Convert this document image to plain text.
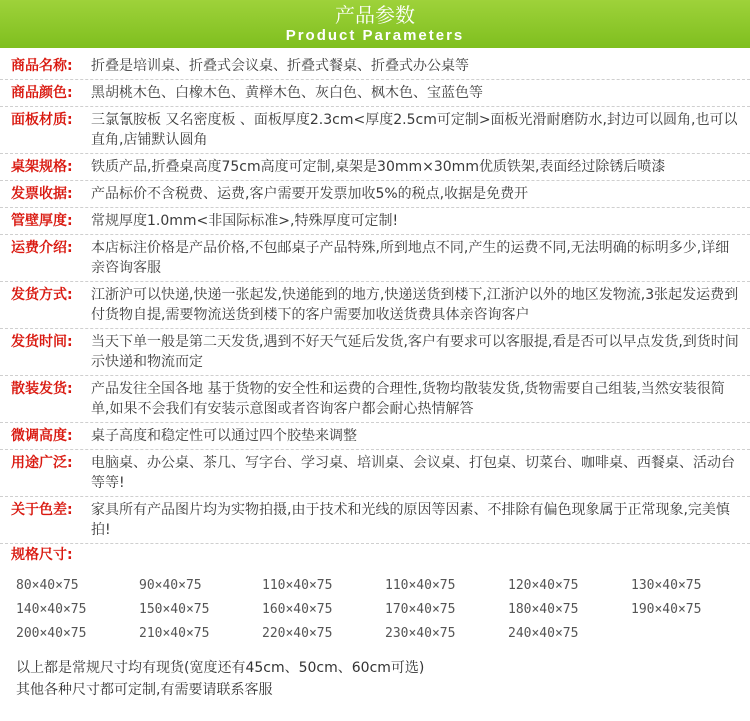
产品参数
Product Parameters
商品名称:	折叠是培训桌、折叠式会议桌、折叠式餐桌、折叠式办公桌等
商品颜色:	黑胡桃木色、白橡木色、黄榉木色、灰白色、枫木色、宝蓝色等
面板材质:	三氯氰胺板 又名密度板 、面板厚度2.3cm<厚度2.5cm可定制>面板光滑耐磨防水,封边可以圆角,也可以直角,店铺默认圆角
桌架规格:	铁质产品,折叠桌高度75cm高度可定制,桌架是30mm×30mm优质铁架,表面经过除锈后喷漆
发票收据:	产品标价不含税费、运费,客户需要开发票加收5%的税点,收据是免费开
管壁厚度:	常规厚度1.0mm<非国际标准>,特殊厚度可定制!
运费介绍:	本店标注价格是产品价格,不包邮桌子产品特殊,所到地点不同,产生的运费不同,无法明确的标明多少,详细亲咨询客服
发货方式:	江浙沪可以快递,快递一张起发,快递能到的地方,快递送货到楼下,江浙沪以外的地区发物流,3张起发运费到付货物自提,需要物流送货到楼下的客户需要加收送货费具体亲咨询客户
发货时间:	当天下单一般是第二天发货,遇到不好天气延后发货,客户有要求可以客服提,看是否可以早点发货,到货时间示快递和物流而定
散装发货:	产品发往全国各地 基于货物的安全性和运费的合理性,货物均散装发货,货物需要自己组装,当然安装很简单,如果不会我们有安装示意图或者咨询客户都会耐心热情解答
微调高度:	桌子高度和稳定性可以通过四个胶垫来调整
用途广泛:	电脑桌、办公桌、茶几、写字台、学习桌、培训桌、会议桌、打包桌、切菜台、咖啡桌、西餐桌、活动台等等!
关于色差:	家具所有产品图片均为实物拍摄,由于技术和光线的原因等因素、不排除有偏色现象属于正常现象,完美慎拍!
规格尺寸:
80×40×75	90×40×75	110×40×75	110×40×75	120×40×75	130×40×75
140×40×75	150×40×75	160×40×75	170×40×75	180×40×75	190×40×75
200×40×75	210×40×75	220×40×75	230×40×75	240×40×75
以上都是常规尺寸均有现货(宽度还有45cm、50cm、60cm可选)
其他各种尺寸都可定制,有需要请联系客服
